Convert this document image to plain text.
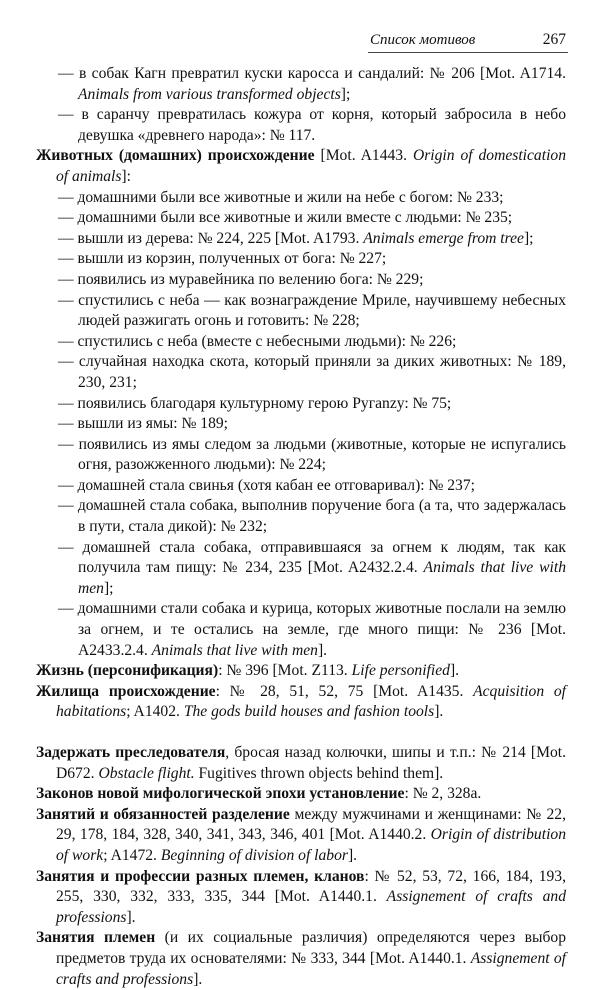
Список мотивов	267

— в собак Кагн превратил куски каросса и сандалий: № 206 [Mot. A1714. Animals from various transformed objects];

— в саранчу превратилась кожура от корня, который забросила в небо девушка «древнего народа»: № 117.

Животных (домашних) происхождение [Mot. A1443. Origin of domestication of animals]:

— домашними были все животные и жили на небе с богом: № 233;

— домашними были все животные и жили вместе с людьми: № 235;

— вышли из дерева: № 224, 225 [Mot. A1793. Animals emerge from tree];

— вышли из корзин, полученных от бога: № 227;

— появились из муравейника по велению бога: № 229;

— спустились с неба — как вознаграждение Мриле, научившему небесных людей разжигать огонь и готовить: № 228;

— спустились с неба (вместе с небесными людьми): № 226;

— случайная находка скота, который приняли за диких животных: № 189, 230, 231;

— появились благодаря культурному герою Ругanzу: № 75;

— вышли из ямы: № 189;

— появились из ямы следом за людьми (животные, которые не испугались огня, разожженного людьми): № 224;

— домашней стала свинья (хотя кабан ее отговаривал): № 237;

— домашней стала собака, выполнив поручение бога (а та, что задержалась в пути, стала дикой): № 232;

— домашней стала собака, отправившаяся за огнем к людям, так как получила там пищу: № 234, 235 [Mot. A2432.2.4. Animals that live with men];

— домашними стали собака и курица, которых животные послали на землю за огнем, и те остались на земле, где много пищи: № 236 [Mot. A2433.2.4. Animals that live with men].

Жизнь (персонификация): № 396 [Mot. Z113. Life personified].

Жилища происхождение: № 28, 51, 52, 75 [Mot. A1435. Acquisition of habitations; A1402. The gods build houses and fashion tools].

Задержать преследователя, бросая назад колючки, шипы и т.п.: № 214 [Mot. D672. Obstacle flight. Fugitives thrown objects behind them].

Законов новой мифологической эпохи установление: № 2, 328a.

Занятий и обязанностей разделение между мужчинами и женщинами: № 22, 29, 178, 184, 328, 340, 341, 343, 346, 401 [Mot. A1440.2. Origin of distribution of work; A1472. Beginning of division of labor].

Занятия и профессии разных племен, кланов: № 52, 53, 72, 166, 184, 193, 255, 330, 332, 333, 335, 344 [Mot. A1440.1. Assignement of crafts and professions].

Занятия племен (и их социальные различия) определяются через выбор предметов труда их основателями: № 333, 344 [Mot. A1440.1. Assignement of crafts and professions].
